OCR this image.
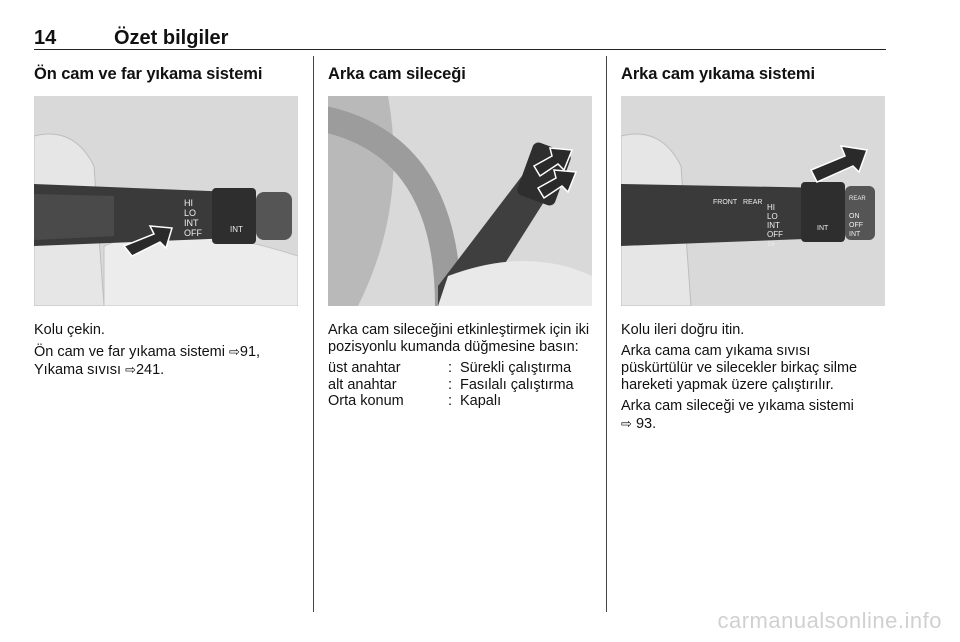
14	Özet bilgiler
Ön cam ve far yıkama sistemi
HI
LO
INT
OFF
1x
INT

Kolu çekin.

Ön cam ve far yıkama sistemi ⇨91,
Yıkama sıvısı ⇨241.

Arka cam sileceği

Arka cam sileceğini etkinleştirmek için iki pozisyonlu kumanda düğmesine basın:

üst anahtar	: Sürekli çalıştırma
alt anahtar	: Fasılalı çalıştırma
Orta konum	: Kapalı
Arka cam yıkama sistemi
FRONT REAR
HI
LO
INT
OFF
1x
INT
REAR
ON
OFF
INT

Kolu ileri doğru itin.

Arka cama cam yıkama sıvısı püskürtülür ve silecekler birkaç silme hareketi yapmak üzere çalıştırılır.

Arka cam sileceği ve yıkama sistemi
⇨ 93.

carmanualsonline.info
